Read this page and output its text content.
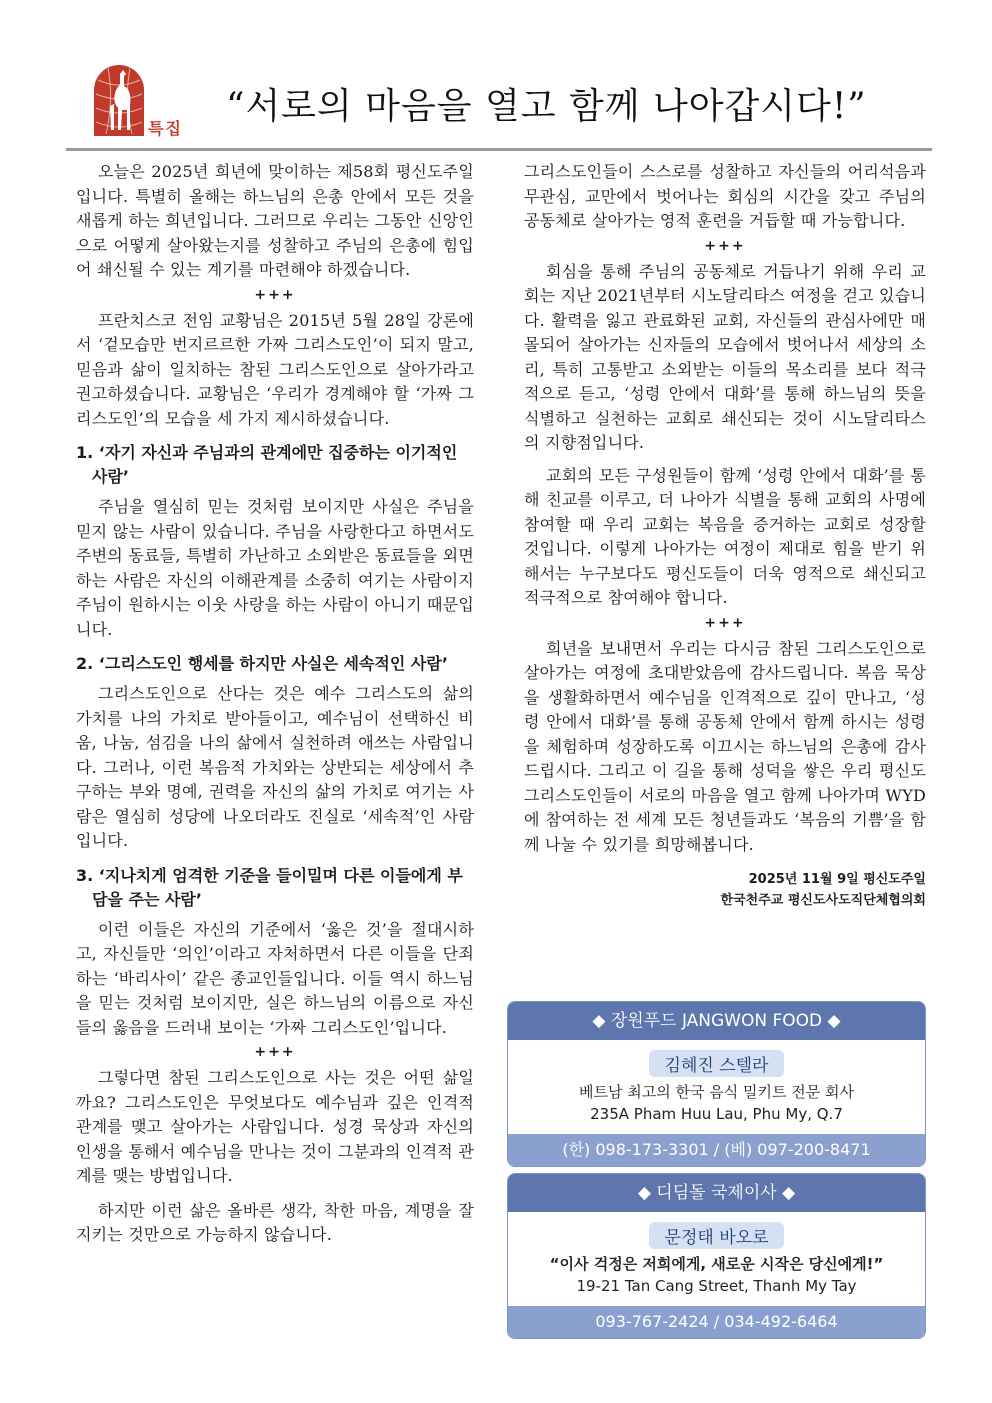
특집
“서로의 마음을 열고 함께 나아갑시다!”

오늘은 2025년 희년에 맞이하는 제58회 평신도주일입니다. 특별히 올해는 하느님의 은총 안에서 모든 것을 새롭게 하는 희년입니다. 그러므로 우리는 그동안 신앙인으로 어떻게 살아왔는지를 성찰하고 주님의 은총에 힘입어 쇄신될 수 있는 계기를 마련해야 하겠습니다.

+++

프란치스코 전임 교황님은 2015년 5월 28일 강론에서 ‘겉모습만 번지르르한 가짜 그리스도인’이 되지 말고, 믿음과 삶이 일치하는 참된 그리스도인으로 살아가라고 권고하셨습니다. 교황님은 ‘우리가 경계해야 할 ‘가짜 그리스도인’의 모습을 세 가지 제시하셨습니다.

1. ‘자기 자신과 주님과의 관계에만 집중하는 이기적인 사람’

주님을 열심히 믿는 것처럼 보이지만 사실은 주님을 믿지 않는 사람이 있습니다. 주님을 사랑한다고 하면서도 주변의 동료들, 특별히 가난하고 소외받은 동료들을 외면하는 사람은 자신의 이해관계를 소중히 여기는 사람이지 주님이 원하시는 이웃 사랑을 하는 사람이 아니기 때문입니다.

2. ‘그리스도인 행세를 하지만 사실은 세속적인 사람’

그리스도인으로 산다는 것은 예수 그리스도의 삶의 가치를 나의 가치로 받아들이고, 예수님이 선택하신 비움, 나눔, 섬김을 나의 삶에서 실천하려 애쓰는 사람입니다. 그러나, 이런 복음적 가치와는 상반되는 세상에서 추구하는 부와 명예, 권력을 자신의 삶의 가치로 여기는 사람은 열심히 성당에 나오더라도 진실로 ‘세속적’인 사람입니다.

3. ‘지나치게 엄격한 기준을 들이밀며 다른 이들에게 부담을 주는 사람’

이런 이들은 자신의 기준에서 ‘옳은 것’을 절대시하고, 자신들만 ‘의인’이라고 자처하면서 다른 이들을 단죄하는 ‘바리사이’ 같은 종교인들입니다. 이들 역시 하느님을 믿는 것처럼 보이지만, 실은 하느님의 이름으로 자신들의 옳음을 드러내 보이는 ‘가짜 그리스도인’입니다.

+++

그렇다면 참된 그리스도인으로 사는 것은 어떤 삶일까요? 그리스도인은 무엇보다도 예수님과 깊은 인격적 관계를 맺고 살아가는 사람입니다. 성경 묵상과 자신의 인생을 통해서 예수님을 만나는 것이 그분과의 인격적 관계를 맺는 방법입니다.

하지만 이런 삶은 올바른 생각, 착한 마음, 계명을 잘 지키는 것만으로 가능하지 않습니다.

그리스도인들이 스스로를 성찰하고 자신들의 어리석음과 무관심, 교만에서 벗어나는 회심의 시간을 갖고 주님의 공동체로 살아가는 영적 훈련을 거듭할 때 가능합니다.

+++

회심을 통해 주님의 공동체로 거듭나기 위해 우리 교회는 지난 2021년부터 시노달리타스 여정을 걷고 있습니다. 활력을 잃고 관료화된 교회, 자신들의 관심사에만 매몰되어 살아가는 신자들의 모습에서 벗어나서 세상의 소리, 특히 고통받고 소외받는 이들의 목소리를 보다 적극적으로 듣고, ‘성령 안에서 대화’를 통해 하느님의 뜻을 식별하고 실천하는 교회로 쇄신되는 것이 시노달리타스의 지향점입니다.

교회의 모든 구성원들이 함께 ‘성령 안에서 대화’를 통해 친교를 이루고, 더 나아가 식별을 통해 교회의 사명에 참여할 때 우리 교회는 복음을 증거하는 교회로 성장할 것입니다. 이렇게 나아가는 여정이 제대로 힘을 받기 위해서는 누구보다도 평신도들이 더욱 영적으로 쇄신되고 적극적으로 참여해야 합니다.

+++

희년을 보내면서 우리는 다시금 참된 그리스도인으로 살아가는 여정에 초대받았음에 감사드립니다. 복음 묵상을 생활화하면서 예수님을 인격적으로 깊이 만나고, ‘성령 안에서 대화’를 통해 공동체 안에서 함께 하시는 성령을 체험하며 성장하도록 이끄시는 하느님의 은총에 감사드립시다. 그리고 이 길을 통해 성덕을 쌓은 우리 평신도 그리스도인들이 서로의 마음을 열고 함께 나아가며 WYD에 참여하는 전 세계 모든 청년들과도 ‘복음의 기쁨’을 함께 나눌 수 있기를 희망해봅니다.

2025년 11월 9일 평신도주일
한국천주교 평신도사도직단체협의회
◆ 장원푸드 JANGWON FOOD ◆
김혜진 스텔라
베트남 최고의 한국 음식 밀키트 전문 회사
235A Pham Huu Lau, Phu My, Q.7
(한) 098-173-3301 / (베) 097-200-8471
◆ 디딤돌 국제이사 ◆
문정태 바오로
“이사 걱정은 저희에게, 새로운 시작은 당신에게!”
19-21 Tan Cang Street, Thanh My Tay
093-767-2424 / 034-492-6464
